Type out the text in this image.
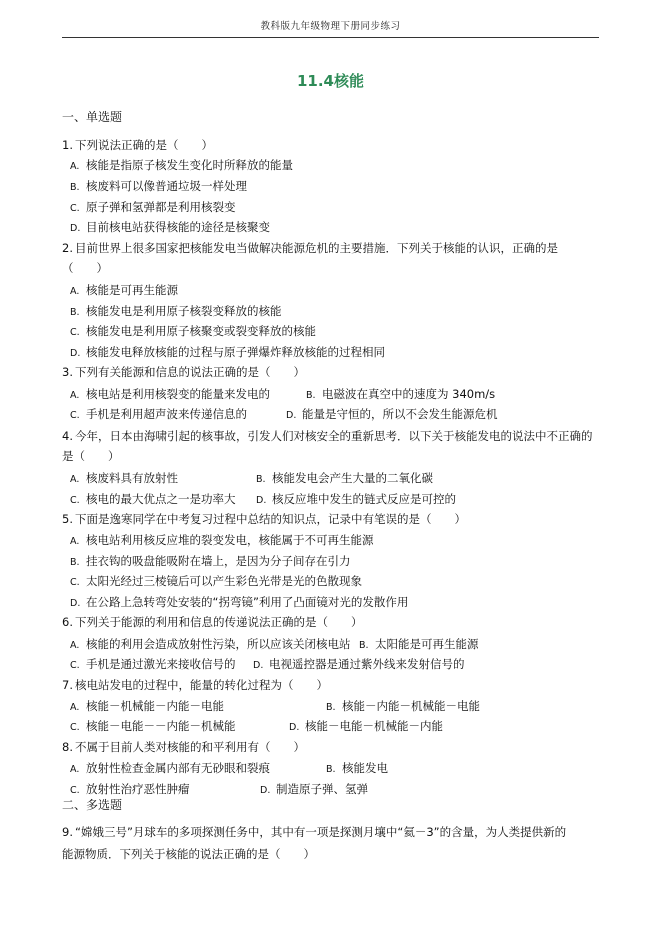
教科版九年级物理下册同步练习
11.4核能
一、单选题
二、多选题
1. 下列说法正确的是（　　）
A. 核能是指原子核发生变化时所释放的能量
B. 核废料可以像普通垃圾一样处理
C. 原子弹和氢弹都是利用核裂变
D. 目前核电站获得核能的途径是核聚变
2. 目前世界上很多国家把核能发电当做解决能源危机的主要措施．下列关于核能的认识，正确的是
（　　）
A. 核能是可再生能源
B. 核能发电是利用原子核裂变释放的核能
C. 核能发电是利用原子核聚变或裂变释放的核能
D. 核能发电释放核能的过程与原子弹爆炸释放核能的过程相同
3. 下列有关能源和信息的说法正确的是（　　）
A. 核电站是利用核裂变的能量来发电的	B. 电磁波在真空中的速度为 340m/s
C. 手机是利用超声波来传递信息的	D. 能量是守恒的，所以不会发生能源危机
4. 今年，日本由海啸引起的核事故，引发人们对核安全的重新思考．以下关于核能发电的说法中不正确的
是（　　）
A. 核废料具有放射性	B. 核能发电会产生大量的二氧化碳
C. 核电的最大优点之一是功率大 D. 核反应堆中发生的链式反应是可控的
5. 下面是逸寒同学在中考复习过程中总结的知识点，记录中有笔误的是（　　）
A. 核电站利用核反应堆的裂变发电，核能属于不可再生能源
B. 挂衣钩的吸盘能吸附在墙上，是因为分子间存在引力
C. 太阳光经过三棱镜后可以产生彩色光带是光的色散现象
D. 在公路上急转弯处安装的“拐弯镜”利用了凸面镜对光的发散作用
6. 下列关于能源的利用和信息的传递说法正确的是（　　）
A. 核能的利用会造成放射性污染，所以应该关闭核电站 B. 太阳能是可再生能源
C. 手机是通过激光来接收信号的 D. 电视遥控器是通过紫外线来发射信号的
7. 核电站发电的过程中，能量的转化过程为（　　）
A. 核能－机械能－内能－电能	B. 核能－内能－机械能－电能
C. 核能－电能－－内能－机械能	D. 核能－电能－机械能－内能
8. 不属于目前人类对核能的和平利用有（　　）
A. 放射性检查金属内部有无砂眼和裂痕	B. 核能发电
C. 放射性治疗恶性肿瘤	D. 制造原子弹、氢弹
9. “嫦娥三号”月球车的多项探测任务中，其中有一项是探测月壤中“氦－3”的含量，为人类提供新的
能源物质．下列关于核能的说法正确的是（　　）
